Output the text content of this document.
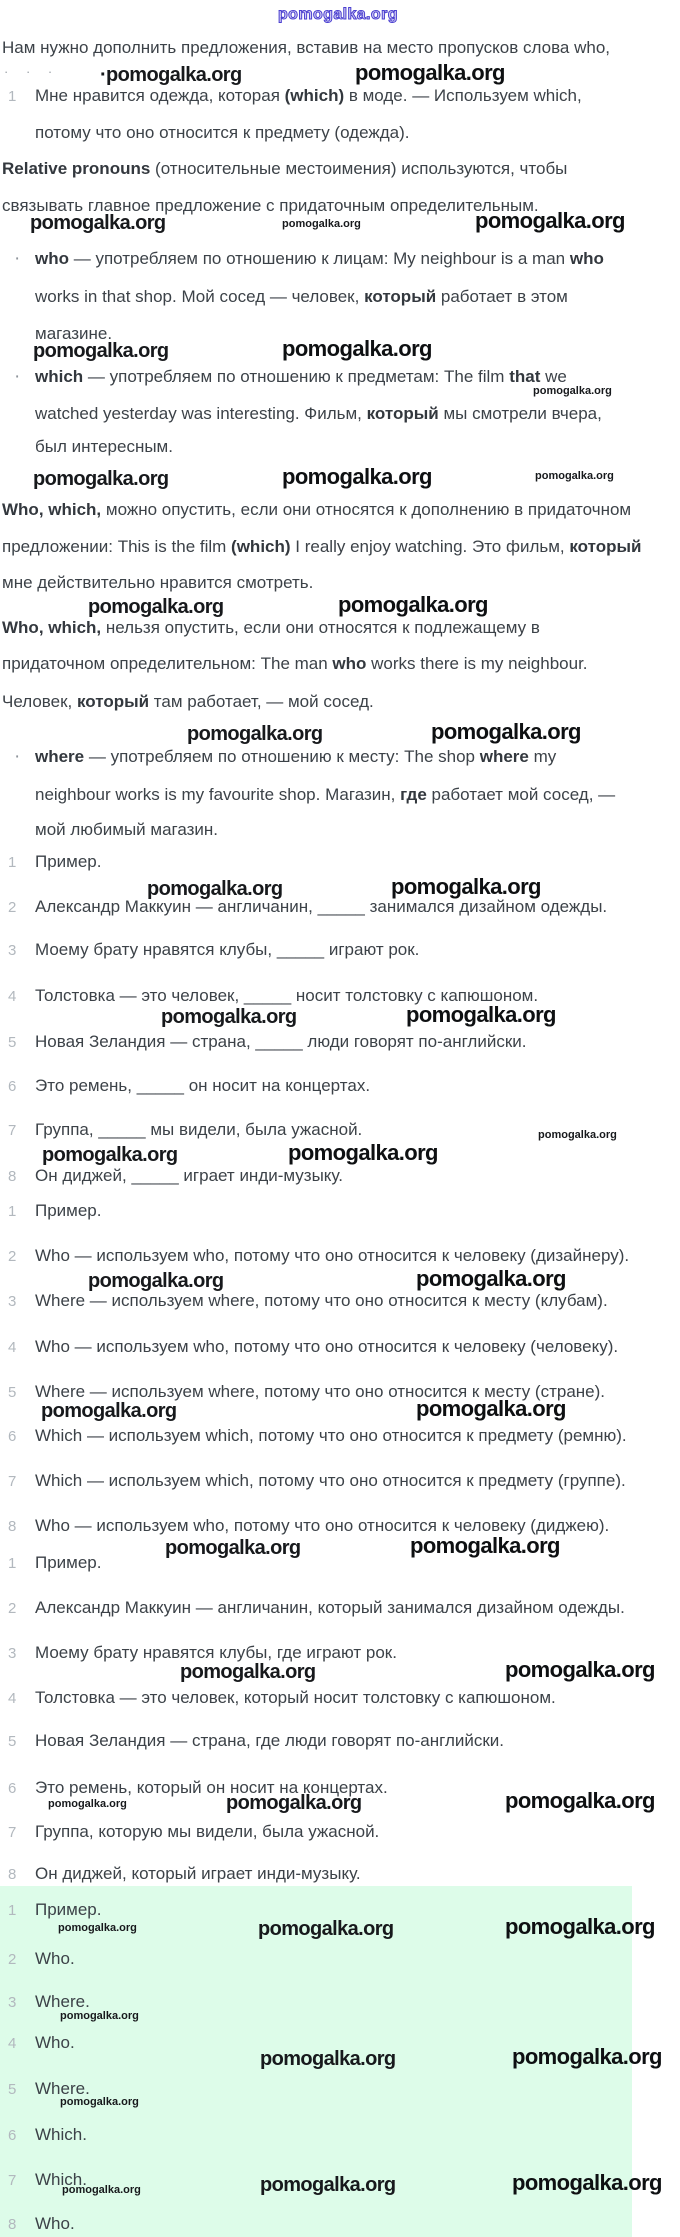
pomogalka.org
· · · ·pomogalka.org	pomogalka.org
pomogalka.org	pomogalka.org	pomogalka.org
pomogalka.org	pomogalka.org
pomogalka.org
pomogalka.org	pomogalka.org	pomogalka.org
pomogalka.org	pomogalka.org
pomogalka.org	pomogalka.org
pomogalka.org	pomogalka.org
pomogalka.org	pomogalka.org
pomogalka.org
pomogalka.org	pomogalka.org
pomogalka.org	pomogalka.org
pomogalka.org	pomogalka.org
pomogalka.org	pomogalka.org
pomogalka.org	pomogalka.org
pomogalka.org	pomogalka.org	pomogalka.org
pomogalka.org	pomogalka.org	pomogalka.org
pomogalka.org
pomogalka.org	pomogalka.org
pomogalka.org
pomogalka.org	pomogalka.org	pomogalka.org
Нам нужно дополнить предложения, вставив на место пропусков слова who,
1 Мне нравится одежда, которая (which) в моде. — Используем which,
потому что оно относится к предмету (одежда).
Relative pronouns (относительные местоимения) используются, чтобы
связывать главное предложение с придаточным определительным.
· who — употребляем по отношению к лицам: My neighbour is a man who
works in that shop. Мой сосед — человек, который работает в этом
магазине.
· which — употребляем по отношению к предметам: The film that we
watched yesterday was interesting. Фильм, который мы смотрели вчера,
был интересным.
Who, which, можно опустить, если они относятся к дополнению в придаточном
предложении: This is the film (which) I really enjoy watching. Это фильм, который
мне действительно нравится смотреть.
Who, which, нельзя опустить, если они относятся к подлежащему в
придаточном определительном: The man who works there is my neighbour.
Человек, который там работает, — мой сосед.
· where — употребляем по отношению к месту: The shop where my
neighbour works is my favourite shop. Магазин, где работает мой сосед, —
мой любимый магазин.
1 Пример.
2 Александр Маккуин — англичанин, _____ занимался дизайном одежды.
3 Моему брату нравятся клубы, _____ играют рок.
4 Толстовка — это человек, _____ носит толстовку с капюшоном.
5 Новая Зеландия — страна, _____ люди говорят по-английски.
6 Это ремень, _____ он носит на концертах.
7 Группа, _____ мы видели, была ужасной.
8 Он диджей, _____ играет инди-музыку.
1 Пример.
2 Who — используем who, потому что оно относится к человеку (дизайнеру).
3 Where — используем where, потому что оно относится к месту (клубам).
4 Who — используем who, потому что оно относится к человеку (человеку).
5 Where — используем where, потому что оно относится к месту (стране).
6 Which — используем which, потому что оно относится к предмету (ремню).
7 Which — используем which, потому что оно относится к предмету (группе).
8 Who — используем who, потому что оно относится к человеку (диджею).
1 Пример.
2 Александр Маккуин — англичанин, который занимался дизайном одежды.
3 Моему брату нравятся клубы, где играют рок.
4 Толстовка — это человек, который носит толстовку с капюшоном.
5 Новая Зеландия — страна, где люди говорят по-английски.
6 Это ремень, который он носит на концертах.
7 Группа, которую мы видели, была ужасной.
8 Он диджей, который играет инди-музыку.
1 Пример.
2 Who.
3 Where.
4 Who.
5 Where.
6 Which.
7 Which.
8 Who.
